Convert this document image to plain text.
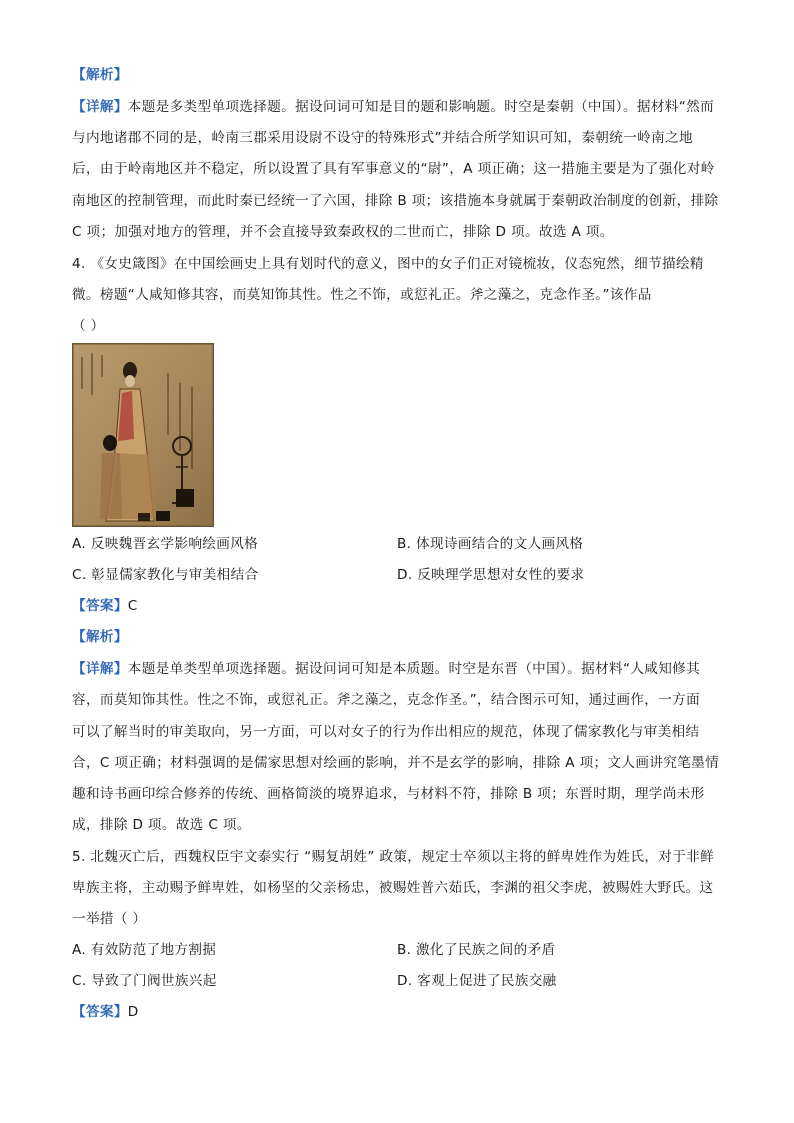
【解析】
【详解】本题是多类型单项选择题。据设问词可知是目的题和影响题。时空是秦朝（中国）。据材料“然而
与内地诸郡不同的是，岭南三郡采用设尉不设守的特殊形式”并结合所学知识可知，秦朝统一岭南之地
后，由于岭南地区并不稳定，所以设置了具有军事意义的“尉”，A 项正确；这一措施主要是为了强化对岭
南地区的控制管理，而此时秦已经统一了六国，排除 B 项；该措施本身就属于秦朝政治制度的创新，排除
C 项；加强对地方的管理，并不会直接导致秦政权的二世而亡，排除 D 项。故选 A 项。
4. 《女史箴图》在中国绘画史上具有划时代的意义，图中的女子们正对镜梳妆，仪态宛然，细节描绘精
微。榜题“人咸知修其容，而莫知饰其性。性之不饰，或愆礼正。斧之藻之，克念作圣。”该作品
（ ）
A. 反映魏晋玄学影响绘画风格	B. 体现诗画结合的文人画风格
C. 彰显儒家教化与审美相结合	D. 反映理学思想对女性的要求
【答案】C
【解析】
【详解】本题是单类型单项选择题。据设问词可知是本质题。时空是东晋（中国）。据材料“人咸知修其
容，而莫知饰其性。性之不饰，或愆礼正。斧之藻之，克念作圣。”，结合图示可知，通过画作，一方面
可以了解当时的审美取向，另一方面，可以对女子的行为作出相应的规范，体现了儒家教化与审美相结
合，C 项正确；材料强调的是儒家思想对绘画的影响，并不是玄学的影响，排除 A 项；文人画讲究笔墨情
趣和诗书画印综合修养的传统、画格简淡的境界追求，与材料不符，排除 B 项；东晋时期，理学尚未形
成，排除 D 项。故选 C 项。
5. 北魏灭亡后，西魏权臣宇文泰实行 “赐复胡姓” 政策，规定士卒须以主将的鲜卑姓作为姓氏，对于非鲜
卑族主将，主动赐予鲜卑姓，如杨坚的父亲杨忠，被赐姓普六茹氏，李渊的祖父李虎，被赐姓大野氏。这
一举措（ ）
A. 有效防范了地方割据	B. 激化了民族之间的矛盾
C. 导致了门阀世族兴起	D. 客观上促进了民族交融
【答案】D
